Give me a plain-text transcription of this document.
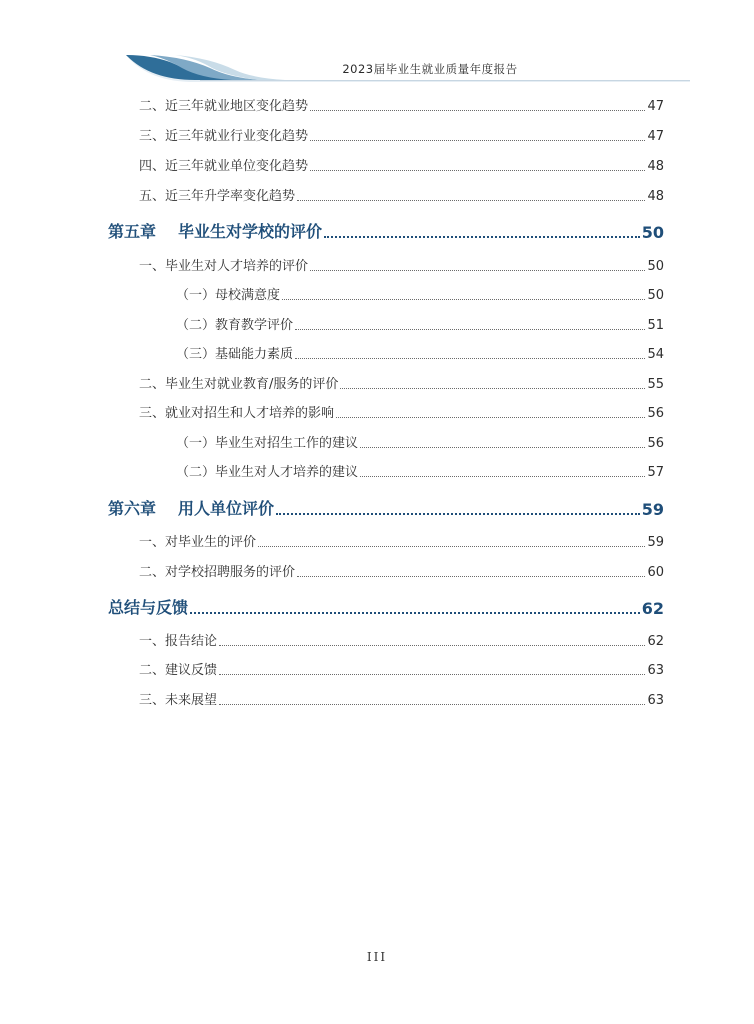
2023届毕业生就业质量年度报告
二、近三年就业地区变化趋势	47
三、近三年就业行业变化趋势	47
四、近三年就业单位变化趋势	48
五、近三年升学率变化趋势	48
第五章 毕业生对学校的评价	50
一、毕业生对人才培养的评价	50
（一）母校满意度	50
（二）教育教学评价	51
（三）基础能力素质	54
二、毕业生对就业教育/服务的评价	55
三、就业对招生和人才培养的影响	56
（一）毕业生对招生工作的建议	56
（二）毕业生对人才培养的建议	57
第六章 用人单位评价	59
一、对毕业生的评价	59
二、对学校招聘服务的评价	60
总结与反馈	62
一、报告结论	62
二、建议反馈	63
三、未来展望	63
III
